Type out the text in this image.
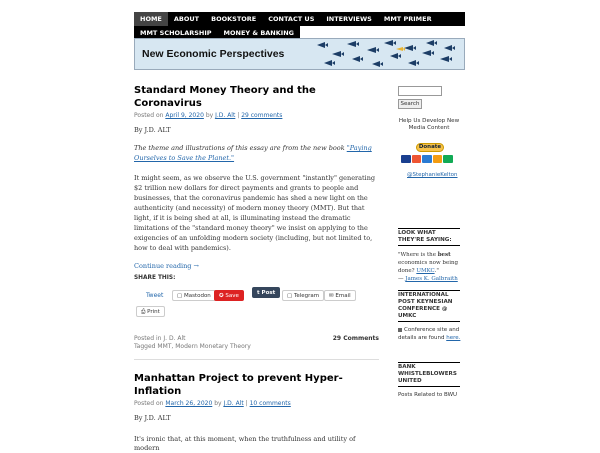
HOME	ABOUT	BOOKSTORE	CONTACT US	INTERVIEWS	MMT PRIMER
MMT SCHOLARSHIP	MONEY & BANKING
New Economic Perspectives
Standard Money Theory and the Coronavirus
Posted on April 9, 2020 by J.D. Alt | 29 comments
By J.D. ALT
The theme and illustrations of this essay are from the new book "Paying Ourselves to Save the Planet."
It might seem, as we observe the U.S. government "instantly" generating $2 trillion new dollars for direct payments and grants to people and businesses, that the coronavirus pandemic has shed a new light on the authenticity (and necessity) of modern money theory (MMT). But that light, if it is being shed at all, is illuminating instead the dramatic limitations of the "standard money theory" we insist on applying to the exigencies of an unfolding modern society (including, but not limited to, how to deal with pandemics).
Continue reading →
SHARE THIS:
Tweet	▢ Mastodon	✪ Save	t Post	▢ Telegram	✉ Email
⎙ Print
Posted in J. D. Alt
Tagged MMT, Modern Monetary Theory
29 Comments
Manhattan Project to prevent Hyper-Inflation
Posted on March 26, 2020 by J.D. Alt | 10 comments
By J.D. ALT
It's ironic that, at this moment, when the truthfulness and utility of modern
Search
Help Us Develop New Media Content
Donate
@StephanieKelton
LOOK WHAT THEY'RE SAYING:
"Where is the best economics now being done? UMKC."
— James K. Galbraith
INTERNATIONAL POST KEYNESIAN CONFERENCE @ UMKC
Conference site and details are found here.
BANK WHISTLEBLOWERS UNITED
Posts Related to BWU
